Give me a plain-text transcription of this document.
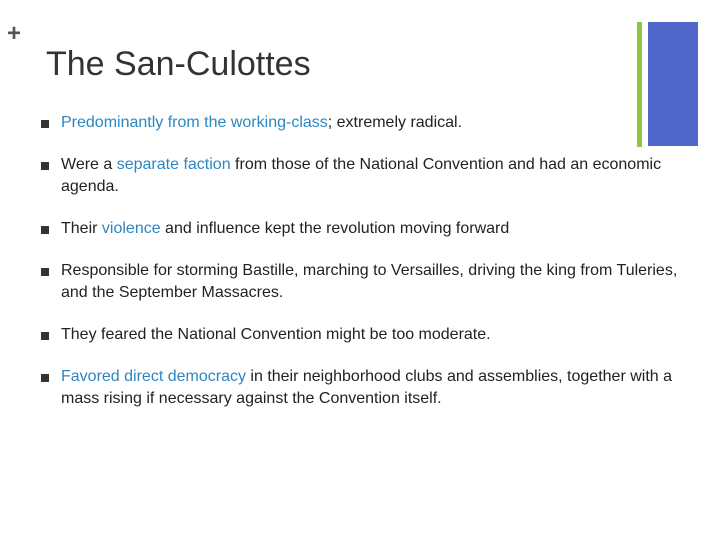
+
The San-Culottes
Predominantly from the working-class; extremely radical.
Were a separate faction from those of the National Convention and had an economic agenda.
Their violence and influence kept the revolution moving forward
Responsible for storming Bastille, marching to Versailles, driving the king from Tuleries, and the September Massacres.
They feared the National Convention might be too moderate.
Favored direct democracy in their neighborhood clubs and assemblies, together with a mass rising if necessary against the Convention itself.
